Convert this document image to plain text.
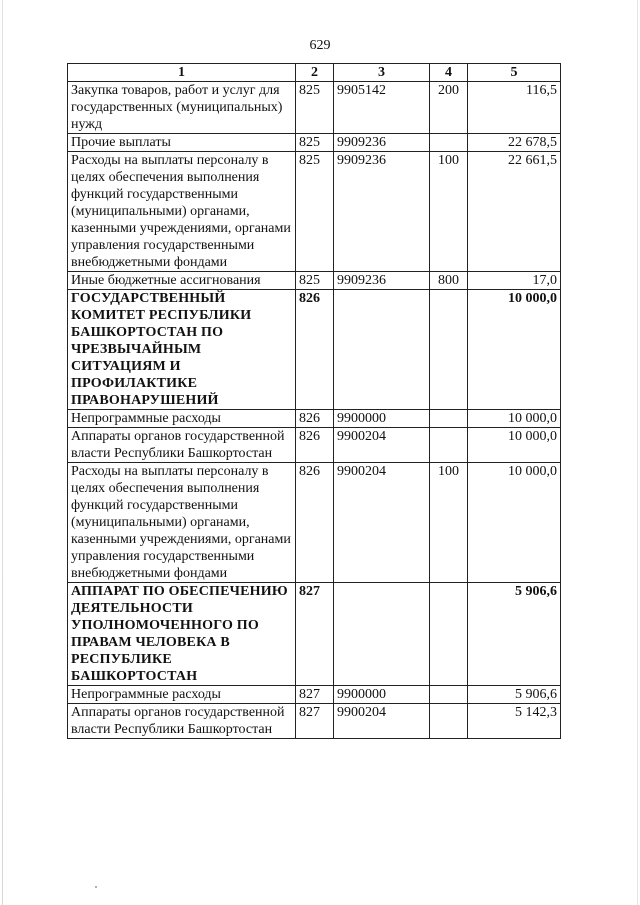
629
1	2	3	4	5
Закупка товаров, работ и услуг для государственных (муниципальных) нужд	825	9905142	200	116,5
Прочие выплаты	825	9909236		22 678,5
Расходы на выплаты персоналу в целях обеспечения выполнения функций государственными (муниципальными) органами, казенными учреждениями, органами управления государственными внебюджетными фондами	825	9909236	100	22 661,5
Иные бюджетные ассигнования	825	9909236	800	17,0
ГОСУДАРСТВЕННЫЙ КОМИТЕТ РЕСПУБЛИКИ БАШКОРТОСТАН ПО ЧРЕЗВЫЧАЙНЫМ СИТУАЦИЯМ И ПРОФИЛАКТИКЕ ПРАВОНАРУШЕНИЙ	826			10 000,0
Непрограммные расходы	826	9900000		10 000,0
Аппараты органов государственной власти Республики Башкортостан	826	9900204		10 000,0
Расходы на выплаты персоналу в целях обеспечения выполнения функций государственными (муниципальными) органами, казенными учреждениями, органами управления государственными внебюджетными фондами	826	9900204	100	10 000,0
АППАРАТ ПО ОБЕСПЕЧЕНИЮ ДЕЯТЕЛЬНОСТИ УПОЛНОМОЧЕННОГО ПО ПРАВАМ ЧЕЛОВЕКА В РЕСПУБЛИКЕ БАШКОРТОСТАН	827			5 906,6
Непрограммные расходы	827	9900000		5 906,6
Аппараты органов государственной власти Республики Башкортостан	827	9900204		5 142,3
